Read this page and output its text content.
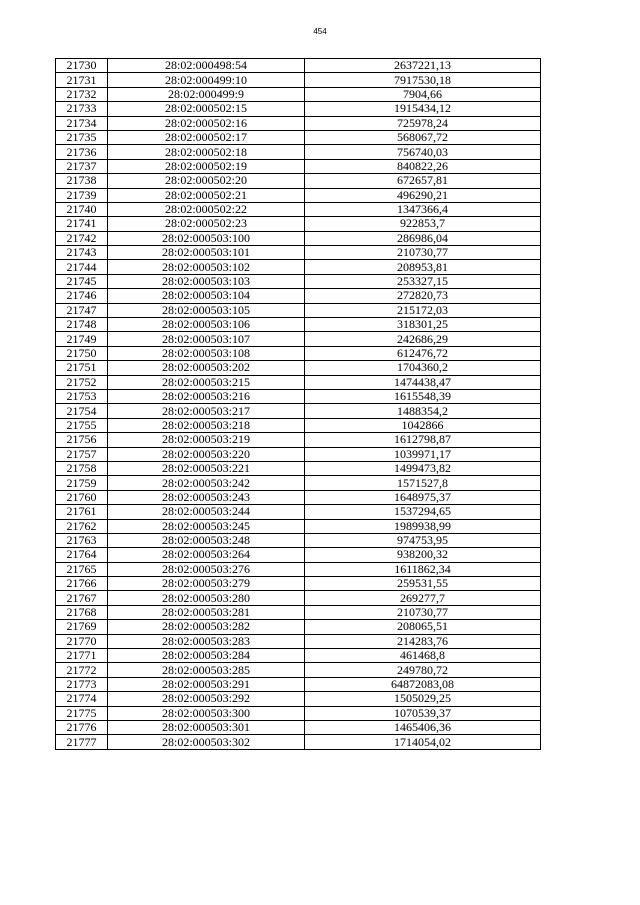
454
21730	28:02:000498:54	2637221,13
21731	28:02:000499:10	7917530,18
21732	28:02:000499:9	7904,66
21733	28:02:000502:15	1915434,12
21734	28:02:000502:16	725978,24
21735	28:02:000502:17	568067,72
21736	28:02:000502:18	756740,03
21737	28:02:000502:19	840822,26
21738	28:02:000502:20	672657,81
21739	28:02:000502:21	496290,21
21740	28:02:000502:22	1347366,4
21741	28:02:000502:23	922853,7
21742	28:02:000503:100	286986,04
21743	28:02:000503:101	210730,77
21744	28:02:000503:102	208953,81
21745	28:02:000503:103	253327,15
21746	28:02:000503:104	272820,73
21747	28:02:000503:105	215172,03
21748	28:02:000503:106	318301,25
21749	28:02:000503:107	242686,29
21750	28:02:000503:108	612476,72
21751	28:02:000503:202	1704360,2
21752	28:02:000503:215	1474438,47
21753	28:02:000503:216	1615548,39
21754	28:02:000503:217	1488354,2
21755	28:02:000503:218	1042866
21756	28:02:000503:219	1612798,87
21757	28:02:000503:220	1039971,17
21758	28:02:000503:221	1499473,82
21759	28:02:000503:242	1571527,8
21760	28:02:000503:243	1648975,37
21761	28:02:000503:244	1537294,65
21762	28:02:000503:245	1989938,99
21763	28:02:000503:248	974753,95
21764	28:02:000503:264	938200,32
21765	28:02:000503:276	1611862,34
21766	28:02:000503:279	259531,55
21767	28:02:000503:280	269277,7
21768	28:02:000503:281	210730,77
21769	28:02:000503:282	208065,51
21770	28:02:000503:283	214283,76
21771	28:02:000503:284	461468,8
21772	28:02:000503:285	249780,72
21773	28:02:000503:291	64872083,08
21774	28:02:000503:292	1505029,25
21775	28:02:000503:300	1070539,37
21776	28:02:000503:301	1465406,36
21777	28:02:000503:302	1714054,02
